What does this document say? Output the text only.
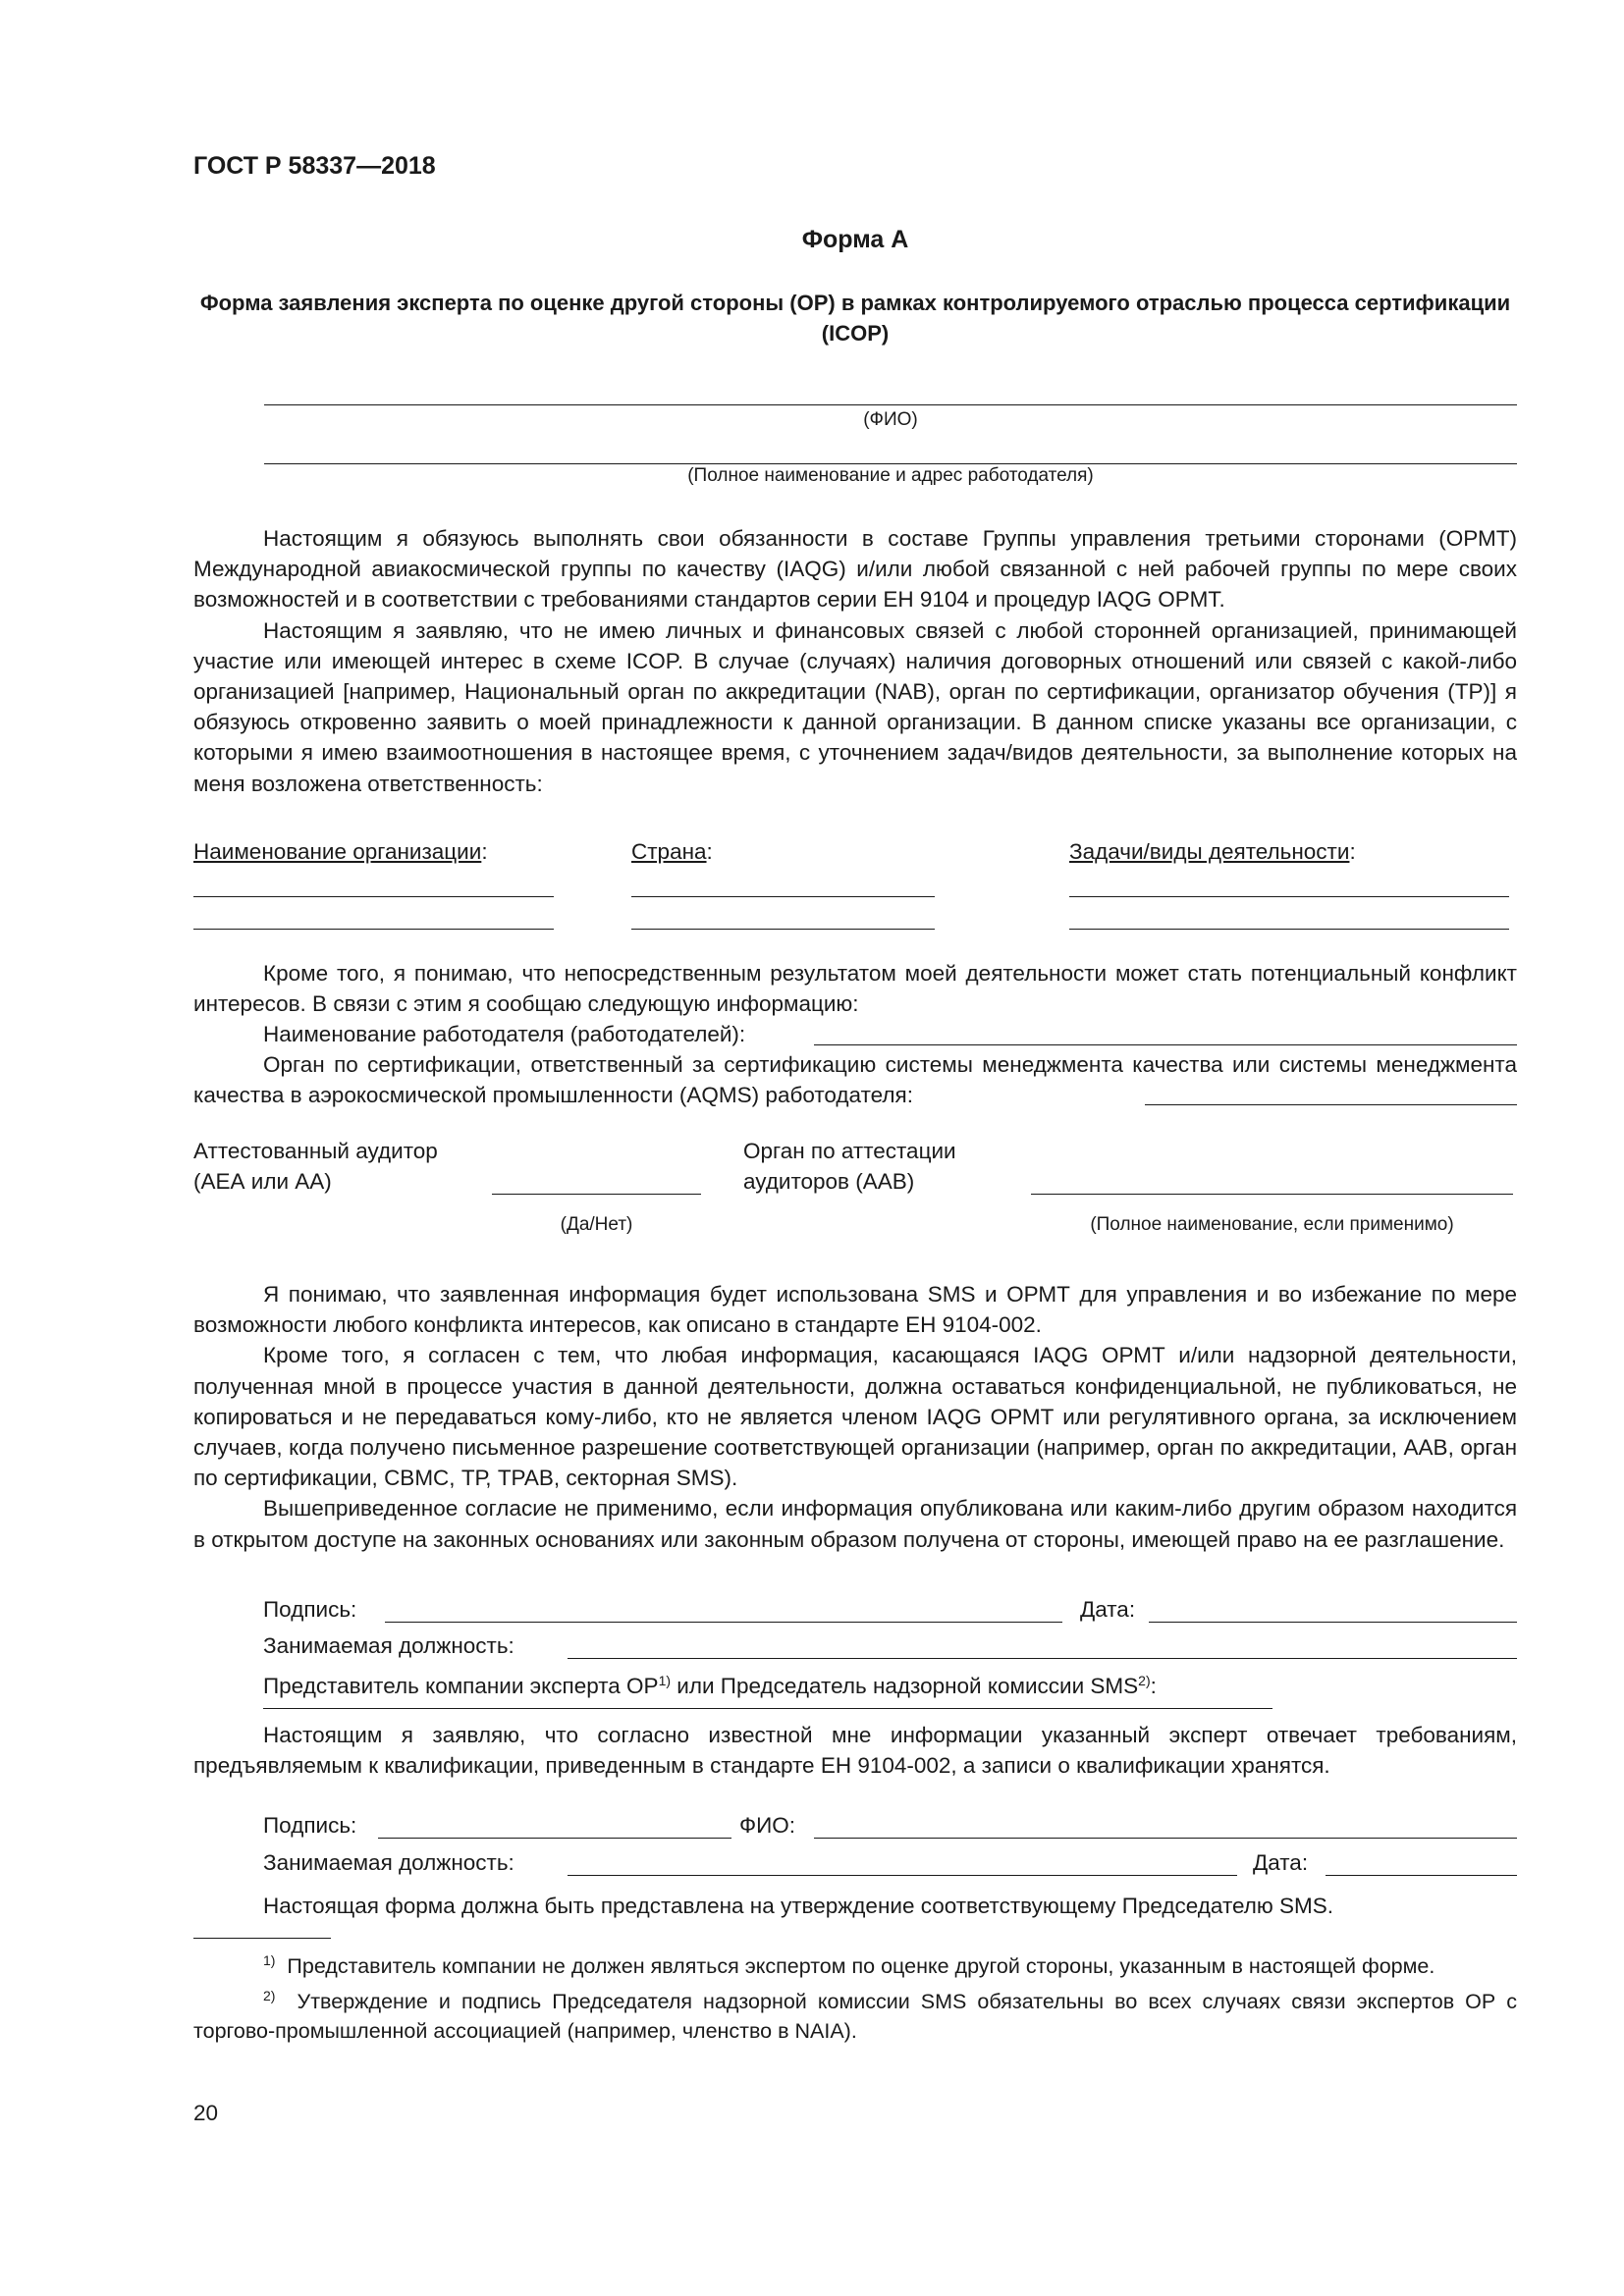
ГОСТ Р 58337—2018
Форма А
Форма заявления эксперта по оценке другой стороны (ОР) в рамках контролируемого отраслью процесса сертификации (ICOP)
(ФИО)
(Полное наименование и адрес работодателя)

Настоящим я обязуюсь выполнять свои обязанности в составе Группы управления третьими сторонами (ОРМТ) Международной авиакосмической группы по качеству (IAQG) и/или любой связанной с ней рабочей группы по мере своих возможностей и в соответствии с требованиями стандартов серии ЕН 9104 и процедур IAQG ОРМТ.

Настоящим я заявляю, что не имею личных и финансовых связей с любой сторонней организацией, принимающей участие или имеющей интерес в схеме ICOP. В случае (случаях) наличия договорных отношений или связей с какой-либо организацией [например, Национальный орган по аккредитации (NAB), орган по сертификации, организатор обучения (ТР)] я обязуюсь откровенно заявить о моей принадлежности к данной организации. В данном списке указаны все организации, с которыми я имею взаимоотношения в настоящее время, с уточнением задач/видов деятельности, за выполнение которых на меня возложена ответственность:

Наименование организации:	Страна:	Задачи/виды деятельности:

Кроме того, я понимаю, что непосредственным результатом моей деятельности может стать потенциальный конфликт интересов. В связи с этим я сообщаю следующую информацию:

Наименование работодателя (работодателей):

Орган по сертификации, ответственный за сертификацию системы менеджмента качества или системы менеджмента качества в аэрокосмической промышленности (AQMS) работодателя:

Аттестованный аудитор
(АЕА или АА)
Орган по аттестации
аудиторов (ААВ)
(Да/Нет)	(Полное наименование, если применимо)

Я понимаю, что заявленная информация будет использована SMS и ОРМТ для управления и во избежание по мере возможности любого конфликта интересов, как описано в стандарте ЕН 9104-002.

Кроме того, я согласен с тем, что любая информация, касающаяся IAQG ОРМТ и/или надзорной деятельности, полученная мной в процессе участия в данной деятельности, должна оставаться конфиденциальной, не публиковаться, не копироваться и не передаваться кому-либо, кто не является членом IAQG ОРМТ или регулятивного органа, за исключением случаев, когда получено письменное разрешение соответствующей организации (например, орган по аккредитации, ААВ, орган по сертификации, СВМС, ТР, TPAB, секторная SMS).

Вышеприведенное согласие не применимо, если информация опубликована или каким-либо другим образом находится в открытом доступе на законных основаниях или законным образом получена от стороны, имеющей право на ее разглашение.

Подпись:	Дата:
Занимаемая должность:
Представитель компании эксперта ОР$^{1)}$ или Председатель надзорной комиссии SMS$^{2)}$:

Настоящим я заявляю, что согласно известной мне информации указанный эксперт отвечает требованиям, предъявляемым к квалификации, приведенным в стандарте ЕН 9104-002, а записи о квалификации хранятся.

Подпись:	ФИО:
Занимаемая должность:	Дата:
Настоящая форма должна быть представлена на утверждение соответствующему Председателю SMS.

$^{1)}$ Представитель компании не должен являться экспертом по оценке другой стороны, указанным в настоящей форме.

$^{2)}$ Утверждение и подпись Председателя надзорной комиссии SMS обязательны во всех случаях связи экспертов ОР с торгово-промышленной ассоциацией (например, членство в NAIA).

20
